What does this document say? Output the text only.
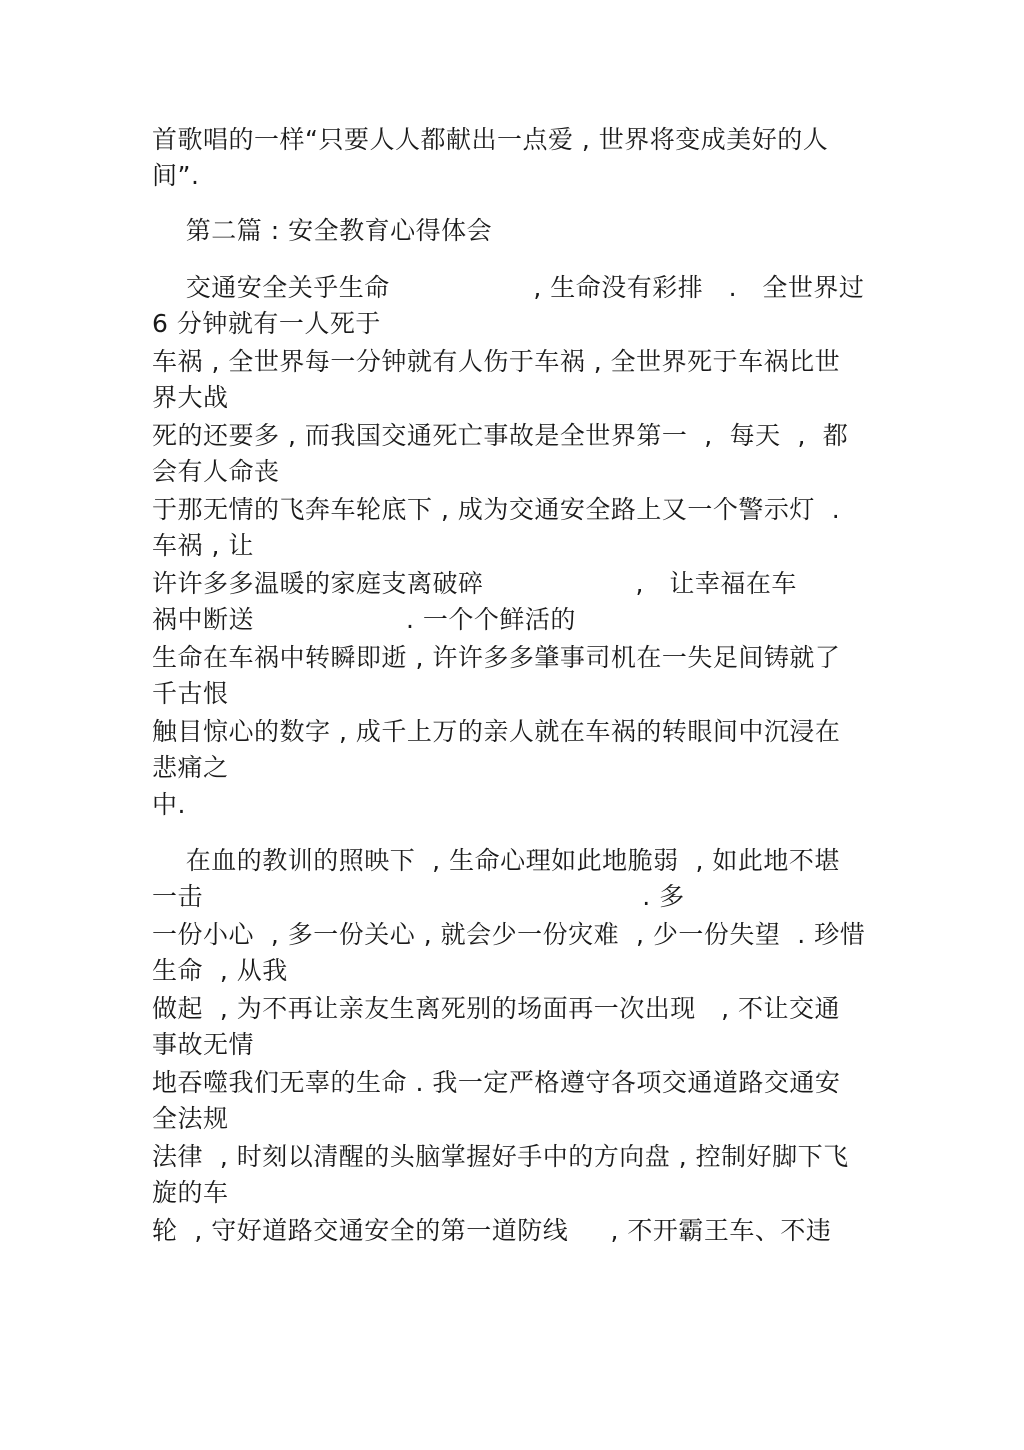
首歌唱的一样“只要人人都献出一点爱 , 世界将变成美好的人
间”.
第二篇 : 安全教育心得体会
交通安全关乎生命                 , 生命没有彩排   .   全世界过
6 分钟就有一人死于
车祸 , 全世界每一分钟就有人伤于车祸 , 全世界死于车祸比世
界大战
死的还要多 , 而我国交通死亡事故是全世界第一  ,  每天  ,  都
会有人命丧
于那无情的飞奔车轮底下 , 成为交通安全路上又一个警示灯  .
车祸 , 让
许许多多温暖的家庭支离破碎                  ,   让幸福在车
祸中断送                  . 一个个鲜活的
生命在车祸中转瞬即逝 , 许许多多肇事司机在一失足间铸就了
千古恨
触目惊心的数字 , 成千上万的亲人就在车祸的转眼间中沉浸在
悲痛之
中.
在血的教训的照映下  , 生命心理如此地脆弱  , 如此地不堪
一击                                                    . 多
一份小心  , 多一份关心 , 就会少一份灾难  , 少一份失望  . 珍惜
生命  , 从我
做起  , 为不再让亲友生离死别的场面再一次出现   , 不让交通
事故无情
地吞噬我们无辜的生命 . 我一定严格遵守各项交通道路交通安
全法规
法律  , 时刻以清醒的头脑掌握好手中的方向盘 , 控制好脚下飞
旋的车
轮  , 守好道路交通安全的第一道防线     , 不开霸王车、不违
